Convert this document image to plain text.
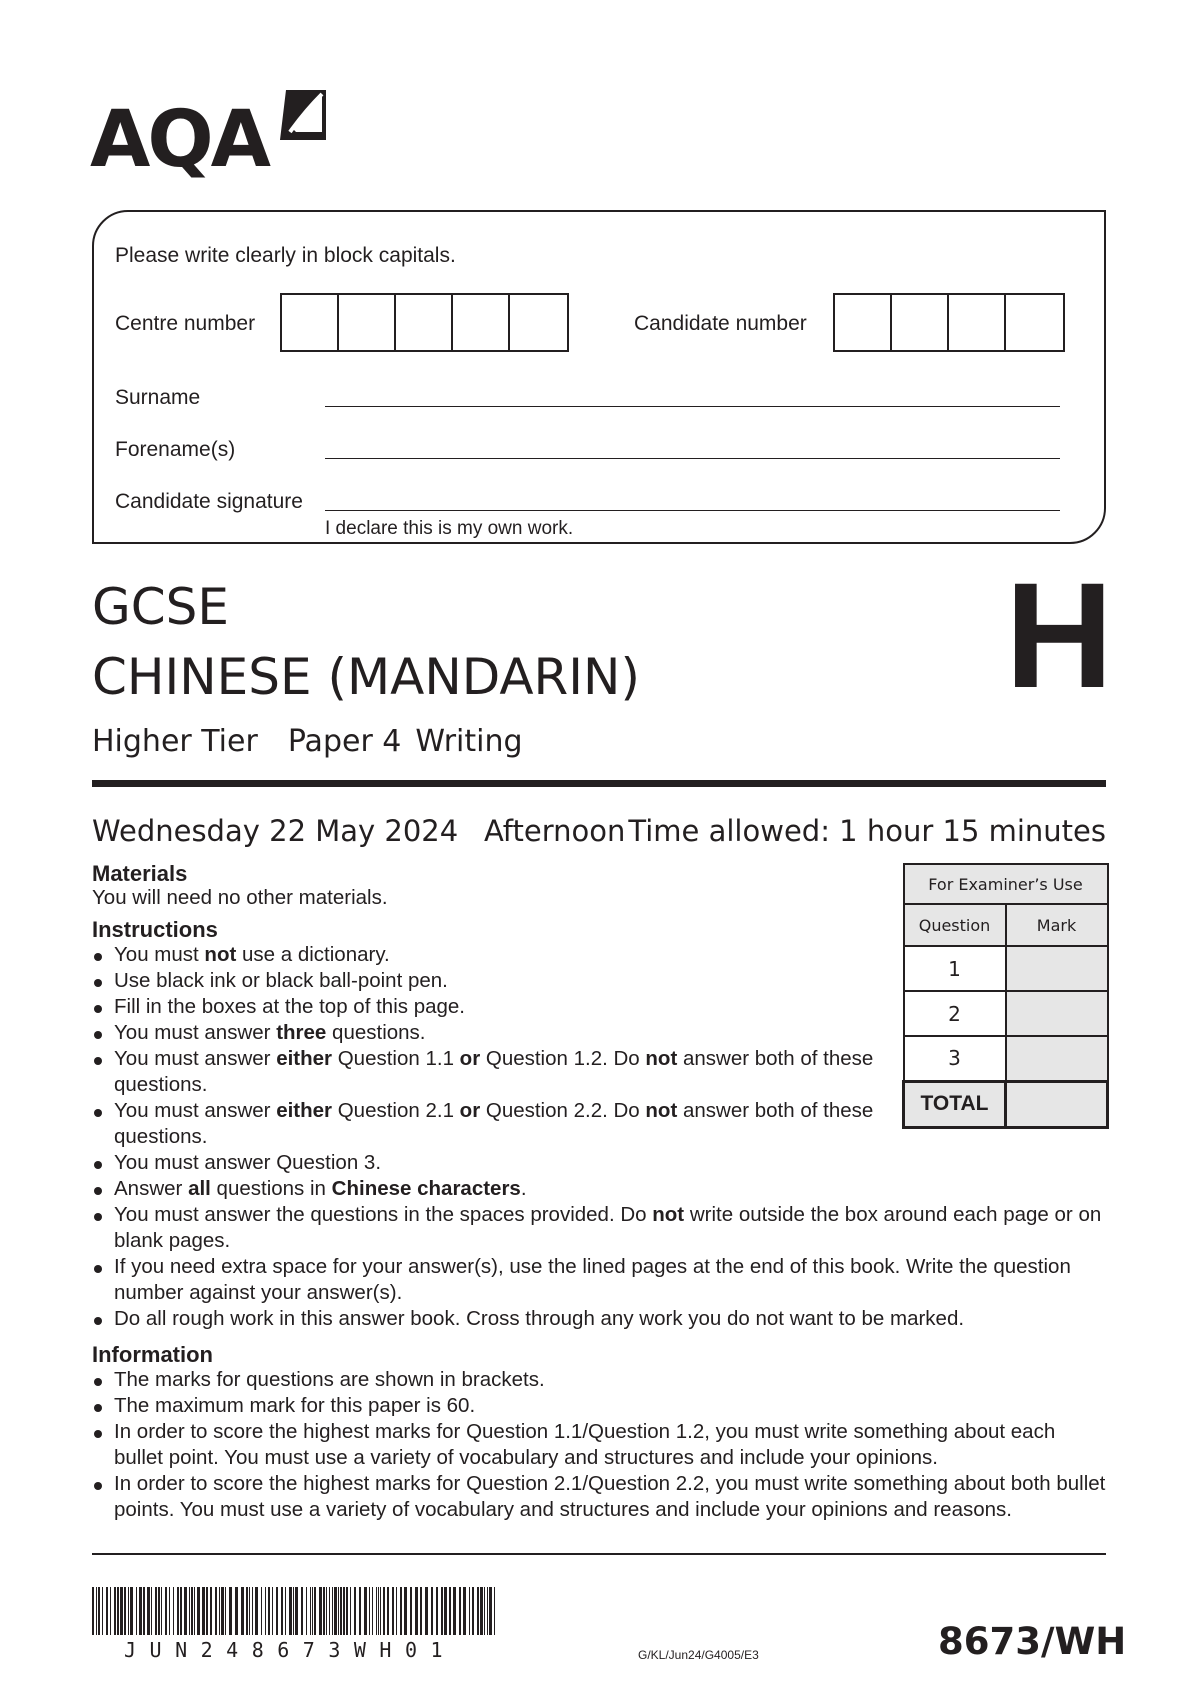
AQA
Please write clearly in block capitals.
Centre number	Candidate number
Surname
Forename(s)
Candidate signature
I declare this is my own work.
GCSE
CHINESE (MANDARIN)
Higher Tier Paper 4 Writing
H
Wednesday 22 May 2024 Afternoon Time allowed: 1 hour 15 minutes
For Examiner’s Use	
Question	Mark
1	
2	
3	
TOTAL	
Materials
You will need no other materials.
Instructions
You must not use a dictionary.
Use black ink or black ball-point pen.
Fill in the boxes at the top of this page.
You must answer three questions.
You must answer either Question 1.1 or Question 1.2. Do not answer both of these questions.
You must answer either Question 2.1 or Question 2.2. Do not answer both of these questions.
You must answer Question 3.
Answer all questions in Chinese characters.
You must answer the questions in the spaces provided. Do not write outside the box around each page or on blank pages.
If you need extra space for your answer(s), use the lined pages at the end of this book. Write the question number against your answer(s).
Do all rough work in this answer book. Cross through any work you do not want to be marked.
Information
The marks for questions are shown in brackets.
The maximum mark for this paper is 60.
In order to score the highest marks for Question 1.1/Question 1.2, you must write something about each bullet point. You must use a variety of vocabulary and structures and include your opinions.
In order to score the highest marks for Question 2.1/Question 2.2, you must write something about both bullet points. You must use a variety of vocabulary and structures and include your opinions and reasons.
JUN248673WH01	G/KL/Jun24/G4005/E3	8673/WH
